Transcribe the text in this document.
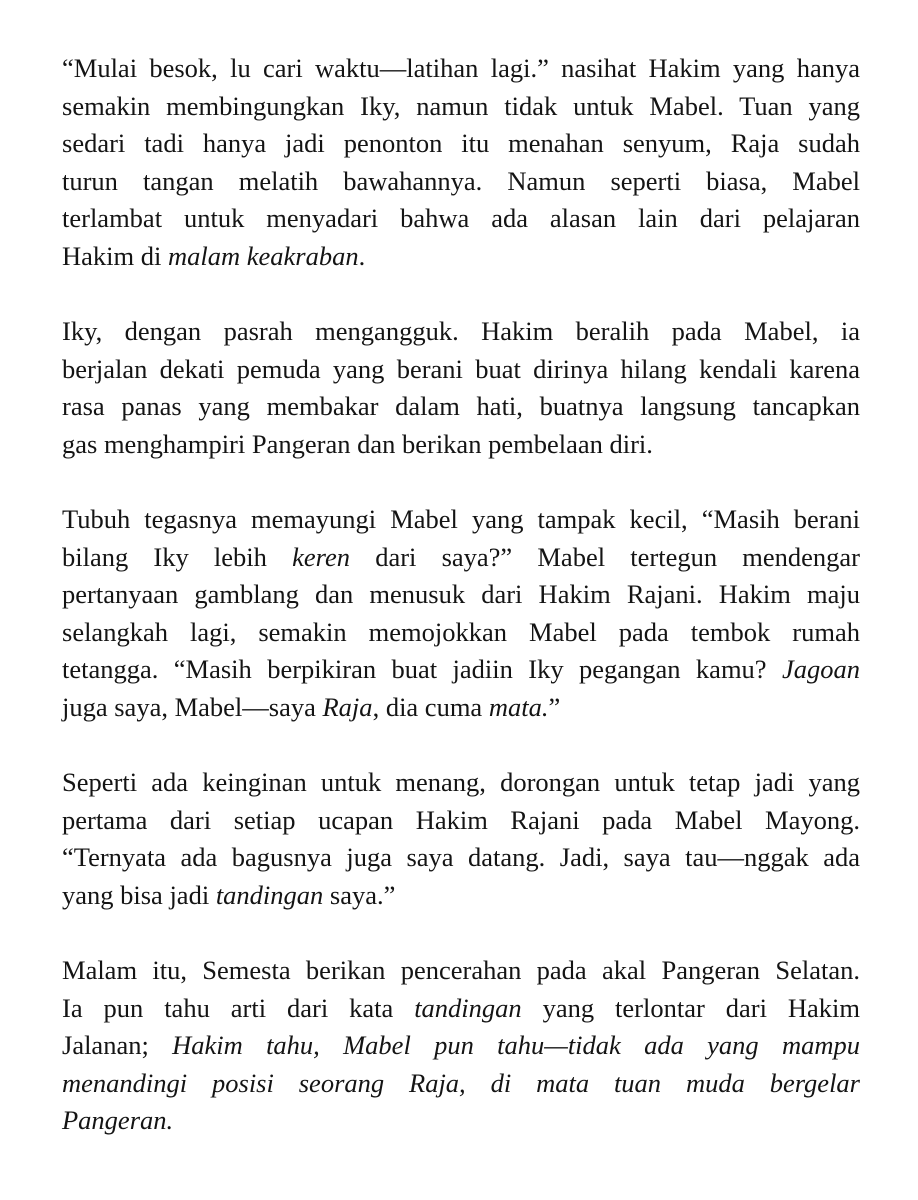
“Mulai besok, lu cari waktu—latihan lagi.” nasihat Hakim yang hanya
semakin membingungkan Iky, namun tidak untuk Mabel. Tuan yang
sedari tadi hanya jadi penonton itu menahan senyum, Raja sudah
turun tangan melatih bawahannya. Namun seperti biasa, Mabel
terlambat untuk menyadari bahwa ada alasan lain dari pelajaran
Hakim di malam keakraban.

Iky, dengan pasrah mengangguk. Hakim beralih pada Mabel, ia
berjalan dekati pemuda yang berani buat dirinya hilang kendali karena
rasa panas yang membakar dalam hati, buatnya langsung tancapkan
gas menghampiri Pangeran dan berikan pembelaan diri.

Tubuh tegasnya memayungi Mabel yang tampak kecil, “Masih berani
bilang Iky lebih keren dari saya?” Mabel tertegun mendengar
pertanyaan gamblang dan menusuk dari Hakim Rajani. Hakim maju
selangkah lagi, semakin memojokkan Mabel pada tembok rumah
tetangga. “Masih berpikiran buat jadiin Iky pegangan kamu? Jagoan
juga saya, Mabel—saya Raja, dia cuma mata.”

Seperti ada keinginan untuk menang, dorongan untuk tetap jadi yang
pertama dari setiap ucapan Hakim Rajani pada Mabel Mayong.
“Ternyata ada bagusnya juga saya datang. Jadi, saya tau—nggak ada
yang bisa jadi tandingan saya.”

Malam itu, Semesta berikan pencerahan pada akal Pangeran Selatan.
Ia pun tahu arti dari kata tandingan yang terlontar dari Hakim
Jalanan; Hakim tahu, Mabel pun tahu—tidak ada yang mampu
menandingi posisi seorang Raja, di mata tuan muda bergelar
Pangeran.
